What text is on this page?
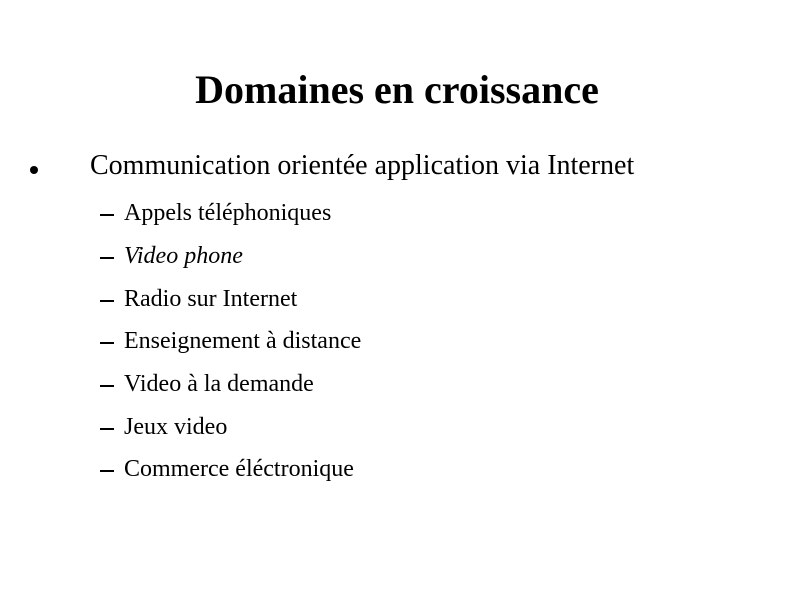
Domaines en croissance
Communication orientée application via Internet
Appels téléphoniques
Video phone
Radio sur Internet
Enseignement à distance
Video à la demande
Jeux video
Commerce éléctronique
